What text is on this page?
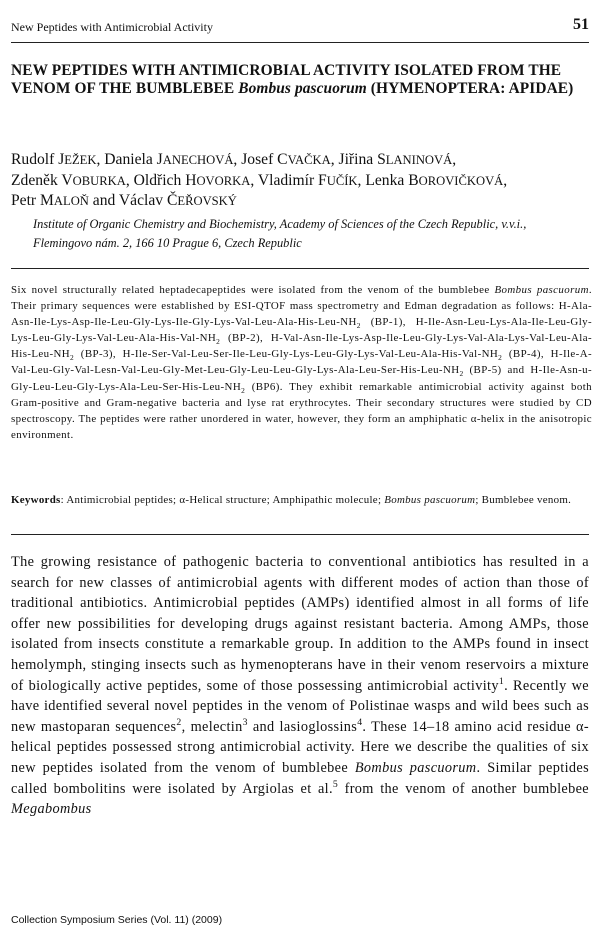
New Peptides with Antimicrobial Activity	51
NEW PEPTIDES WITH ANTIMICROBIAL ACTIVITY ISOLATED FROM THE VENOM OF THE BUMBLEBEE Bombus pascuorum (HYMENOPTERA: APIDAE)
Rudolf JEŽEK, Daniela JANECHOVÁ, Josef CVAČKA, Jiřina SLANINOVÁ,
Zdeněk VOBURKA, Oldřich HOVORKA, Vladimír FUČÍK, Lenka BOROVIČKOVÁ,
Petr MALOŇ and Václav ČEŘOVSKÝ
Institute of Organic Chemistry and Biochemistry, Academy of Sciences of the Czech Republic, v.v.i.,
Flemingovo nám. 2, 166 10 Prague 6, Czech Republic
Six novel structurally related heptadecapeptides were isolated from the venom of the bumblebee Bombus pascuorum. Their primary sequences were established by ESI-QTOF mass spectrometry and Edman degradation as follows: $H-Ala-Asn-Ile-Lys-Asp-Ile-Leu-Gly-Lys-Ile-Gly-Lys-Val-Leu-Ala-His-Leu-NH_2$ (BP-1), $H-Ile-Asn-Leu-Lys-Ala-Ile-Leu-Gly-Lys-Leu-Gly-Lys-Val-Leu-Ala-His-Val-NH_2$ (BP-2), $H-Val-Asn-Ile-Lys-Asp-Ile-Leu-Gly-Lys-Val-Ala-Lys-Val-Leu-Ala-His-Leu-NH_2$ (BP-3), $H-Ile-Ser-Val-Leu-Ser-Ile-Leu-Gly-Lys-Leu-Gly-Lys-Val-Leu-Ala-His-Val-NH_2$ (BP-4), $H-Ile-A-Val-Leu-Gly-Val-Lesn-Val-Leu-Gly-Met-Leu-Gly-Leu-Leu-Gly-Lys-Ala-Leu-Ser-His-Leu-NH_2$ (BP-5) and $H-Ile-Asn-u-Gly-Leu-Leu-Gly-Lys-Ala-Leu-Ser-His-Leu-NH_2$ (BP6). They exhibit remarkable antimicrobial activity against both Gram-positive and Gram-negative bacteria and lyse rat erythrocytes. Their secondary structures were studied by CD spectroscopy. The peptides were rather unordered in water, however, they form an amphiphatic α-helix in the anisotropic environment.
Keywords: Antimicrobial peptides; α-Helical structure; Amphipathic molecule; Bombus pascuorum; Bumblebee venom.
The growing resistance of pathogenic bacteria to conventional antibiotics has resulted in a search for new classes of antimicrobial agents with different modes of action than those of traditional antibiotics. Antimicrobial peptides (AMPs) identified almost in all forms of life offer new possibilities for developing drugs against resistant bacteria. Among AMPs, those isolated from insects constitute a remarkable group. In addition to the AMPs found in insect hemolymph, stinging insects such as hymenopterans have in their venom reservoirs a mixture of biologically active peptides, some of those possessing antimicrobial activity$^1$. Recently we have identified several novel peptides in the venom of Polistinae wasps and wild bees such as new mastoparan sequences$^2$, melectin$^3$ and lasioglossins$^4$. These 14–18 amino acid residue α-helical peptides possessed strong antimicrobial activity. Here we describe the qualities of six new peptides isolated from the venom of bumblebee Bombus pascuorum. Similar peptides called bombolitins were isolated by Argiolas et al.$^5$ from the venom of another bumblebee Megabombus
Collection Symposium Series (Vol. 11) (2009)
